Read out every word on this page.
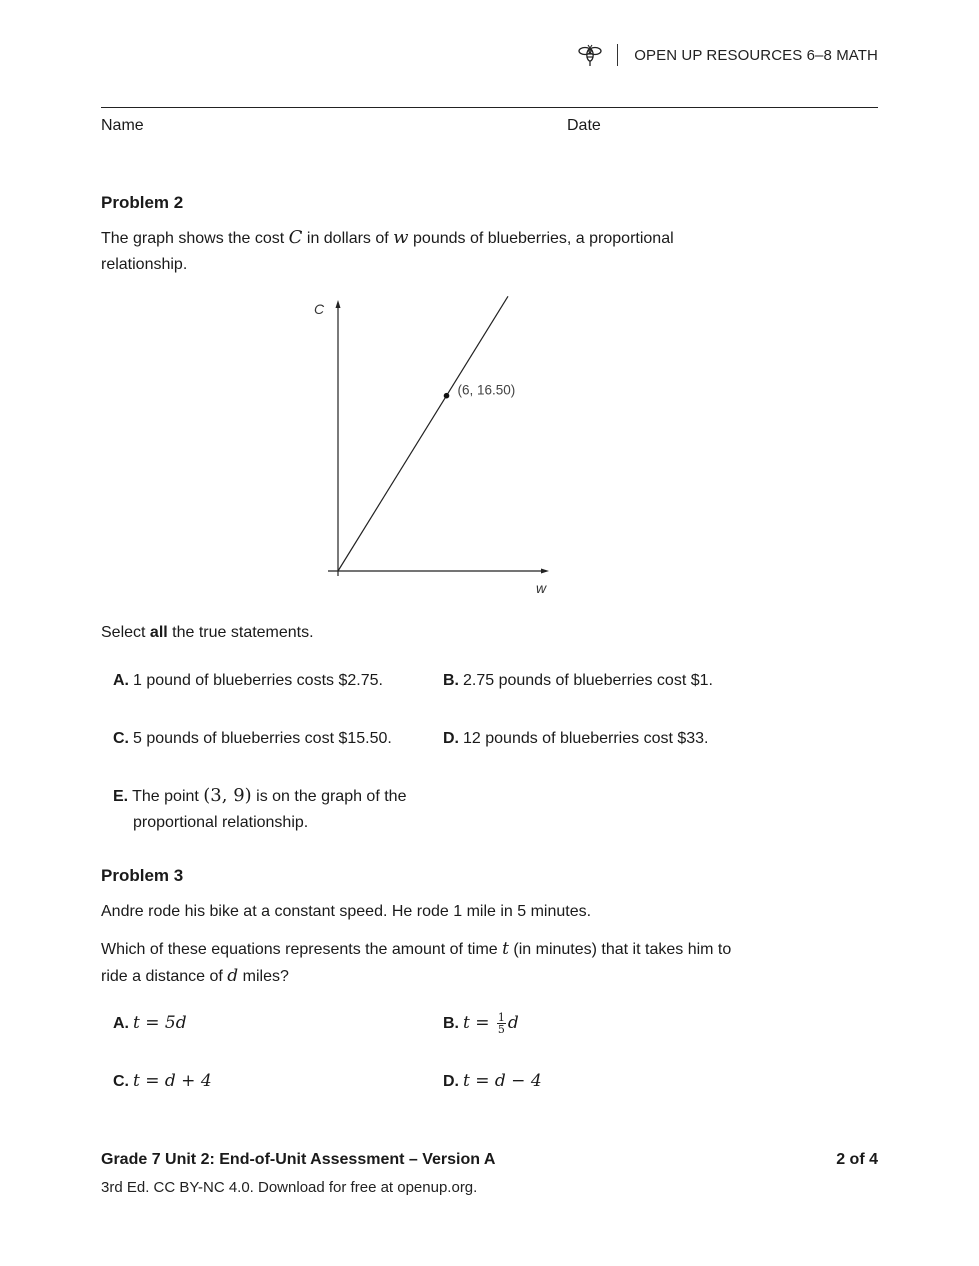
OPEN UP RESOURCES 6–8 MATH
Name	Date
Problem 2
The graph shows the cost C in dollars of w pounds of blueberries, a proportional relationship.
C
w
(6, 16.50)
Select all the true statements.
A. 1 pound of blueberries costs $2.75.	B. 2.75 pounds of blueberries cost $1.
C. 5 pounds of blueberries cost $15.50.	D. 12 pounds of blueberries cost $33.
E. The point (3, 9) is on the graph of the proportional relationship.
Problem 3
Andre rode his bike at a constant speed. He rode 1 mile in 5 minutes.
Which of these equations represents the amount of time t (in minutes) that it takes him to ride a distance of d miles?
A. t = 5d	B. $t = \frac{1}{5}$ d
C. t = d + 4	D. t = d − 4
Grade 7 Unit 2: End-of-Unit Assessment – Version A	2 of 4
3rd Ed. CC BY-NC 4.0. Download for free at openup.org.
